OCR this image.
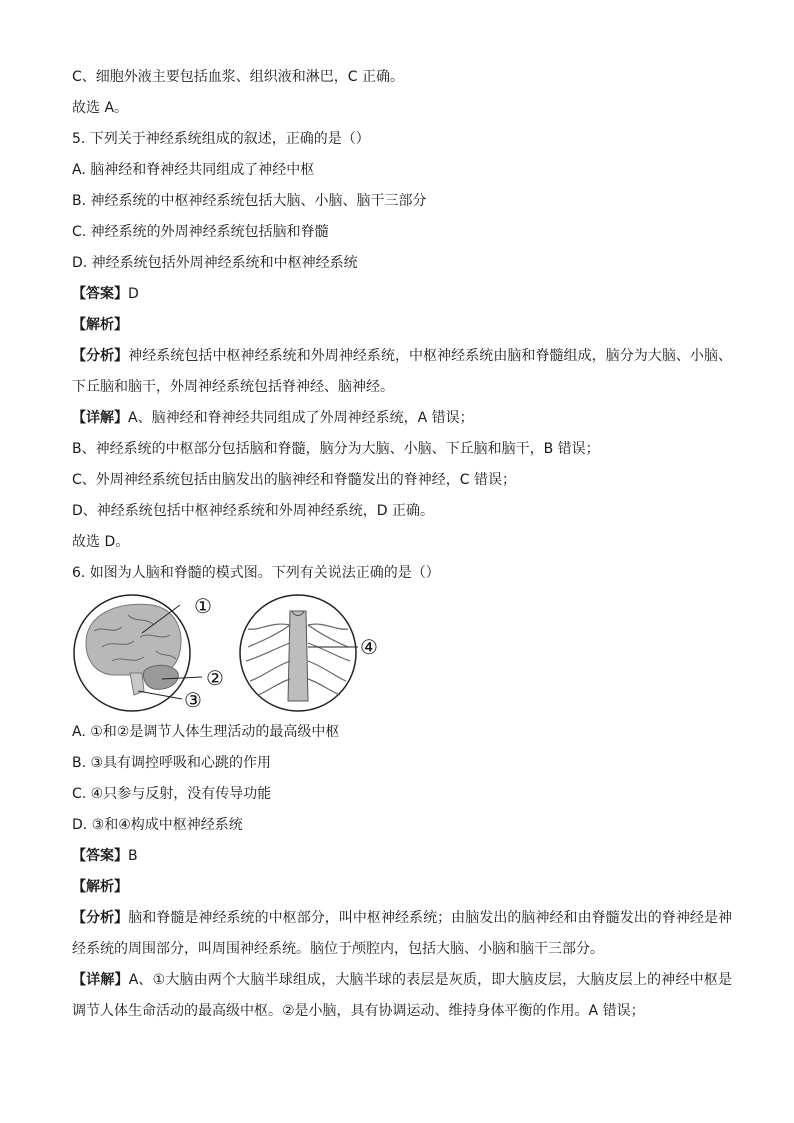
C、细胞外液主要包括血浆、组织液和淋巴，C 正确。
故选 A。
5. 下列关于神经系统组成的叙述，正确的是（）
A. 脑神经和脊神经共同组成了神经中枢
B. 神经系统的中枢神经系统包括大脑、小脑、脑干三部分
C. 神经系统的外周神经系统包括脑和脊髓
D. 神经系统包括外周神经系统和中枢神经系统
【答案】D
【解析】
【分析】神经系统包括中枢神经系统和外周神经系统，中枢神经系统由脑和脊髓组成，脑分为大脑、小脑、下丘脑和脑干，外周神经系统包括脊神经、脑神经。
【详解】A、脑神经和脊神经共同组成了外周神经系统，A 错误；
B、神经系统的中枢部分包括脑和脊髓，脑分为大脑、小脑、下丘脑和脑干，B 错误；
C、外周神经系统包括由脑发出的脑神经和脊髓发出的脊神经，C 错误；
D、神经系统包括中枢神经系统和外周神经系统，D 正确。
故选 D。
6. 如图为人脑和脊髓的模式图。下列有关说法正确的是（）
①
②
③
④
A. ①和②是调节人体生理活动的最高级中枢
B. ③具有调控呼吸和心跳的作用
C. ④只参与反射，没有传导功能
D. ③和④构成中枢神经系统
【答案】B
【解析】
【分析】脑和脊髓是神经系统的中枢部分，叫中枢神经系统；由脑发出的脑神经和由脊髓发出的脊神经是神经系统的周围部分，叫周围神经系统。脑位于颅腔内，包括大脑、小脑和脑干三部分。
【详解】A、①大脑由两个大脑半球组成，大脑半球的表层是灰质，即大脑皮层，大脑皮层上的神经中枢是调节人体生命活动的最高级中枢。②是小脑，具有协调运动、维持身体平衡的作用。A 错误；
